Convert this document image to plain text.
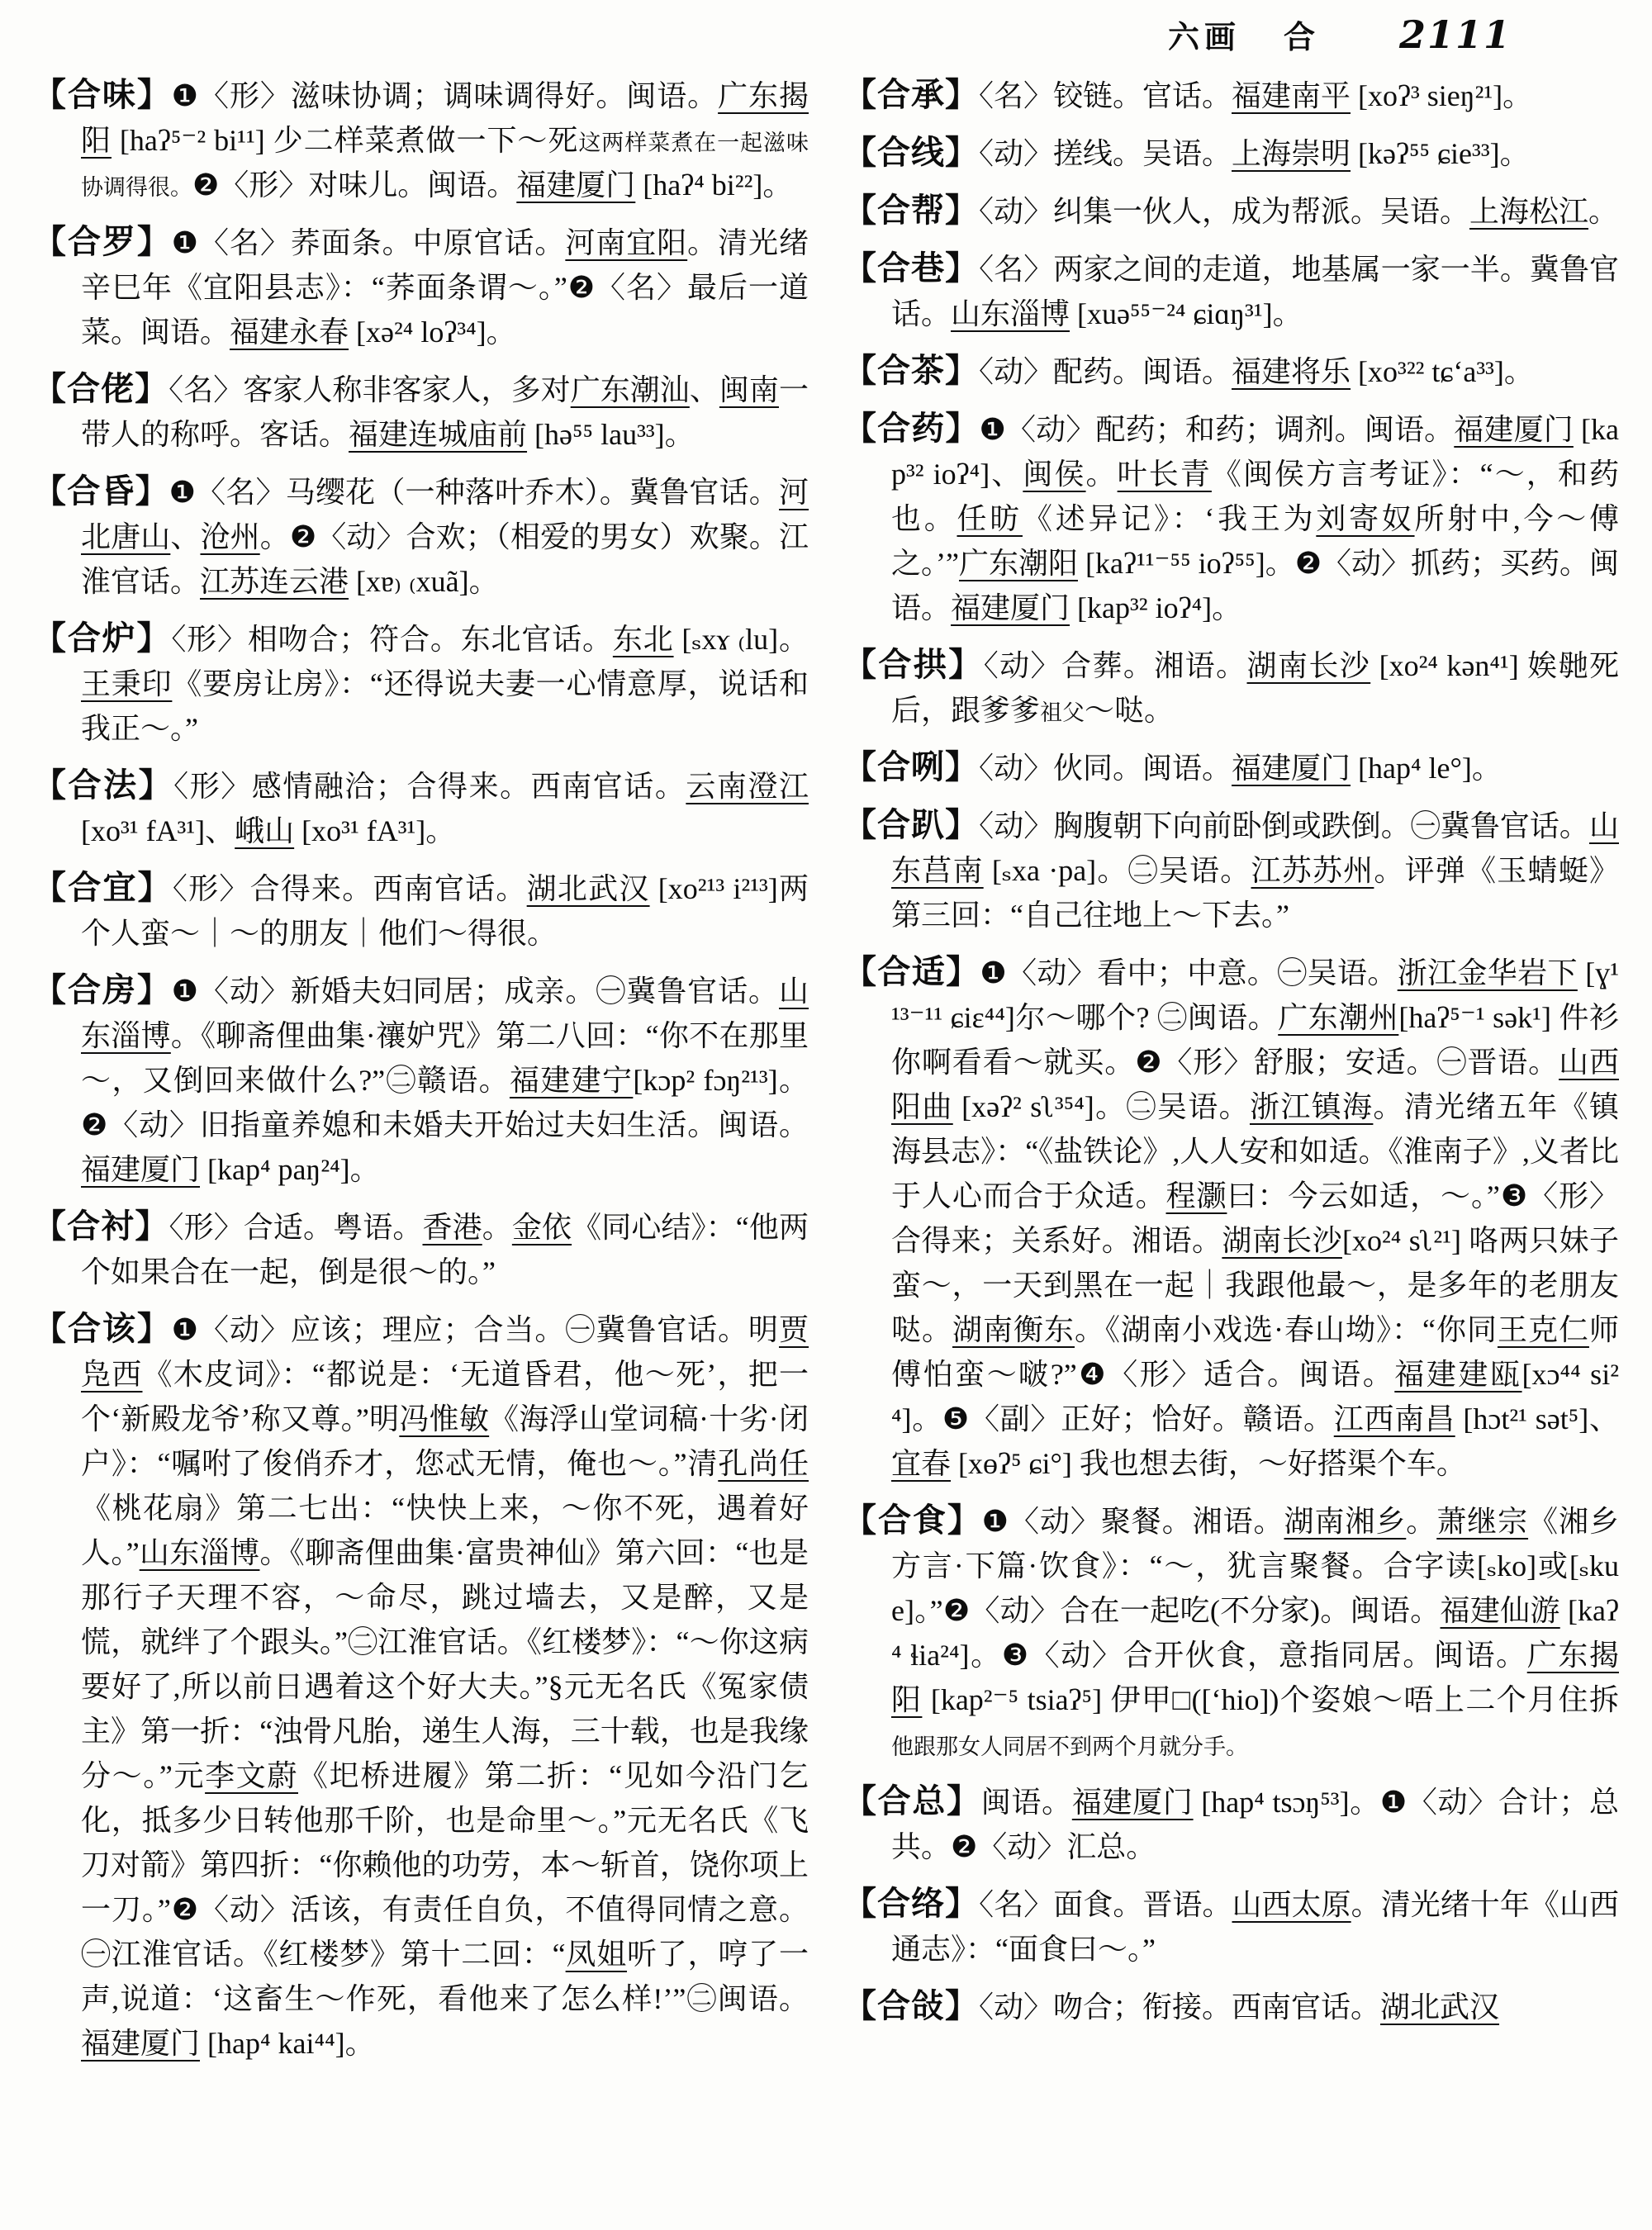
六画 合 2111
【合味】❶〈形〉滋味协调；调味调得好。闽语。广东揭阳 [haʔ⁵⁻² bi¹¹] 少二样菜煮做一下～死这两样菜煮在一起滋味协调得很。❷〈形〉对味儿。闽语。福建厦门 [haʔ⁴ bi²²]。
【合罗】❶〈名〉荞面条。中原官话。河南宜阳。清光绪辛巳年《宜阳县志》：“荞面条谓～。”❷〈名〉最后一道菜。闽语。福建永春 [xə²⁴ loʔ³⁴]。
【合佬】〈名〉客家人称非客家人，多对广东潮汕、闽南一带人的称呼。客话。福建连城庙前 [hə⁵⁵ lau³³]。
【合昏】❶〈名〉马缨花（一种落叶乔木）。冀鲁官话。河北唐山、沧州。❷〈动〉合欢；（相爱的男女）欢聚。江淮官话。江苏连云港 [xɐ₎ ₍xuã]。
【合炉】〈形〉相吻合；符合。东北官话。东北 [ₛxɤ ₍lu]。王秉印《要房让房》：“还得说夫妻一心情意厚，说话和我正～。”
【合法】〈形〉感情融洽；合得来。西南官话。云南澄江 [xo³¹ fA³¹]、峨山 [xo³¹ fA³¹]。
【合宜】〈形〉合得来。西南官话。湖北武汉 [xo²¹³ i²¹³]两个人蛮～｜～的朋友｜他们～得很。
【合房】❶〈动〉新婚夫妇同居；成亲。㊀冀鲁官话。山东淄博。《聊斋俚曲集·禳妒咒》第二八回：“你不在那里～，又倒回来做什么?”㊁赣语。福建建宁[kɔp² fɔŋ²¹³]。❷〈动〉旧指童养媳和未婚夫开始过夫妇生活。闽语。福建厦门 [kap⁴ paŋ²⁴]。
【合衬】〈形〉合适。粤语。香港。金依《同心结》：“他两个如果合在一起，倒是很～的。”
【合该】❶〈动〉应该；理应；合当。㊀冀鲁官话。明贾凫西《木皮词》：“都说是：‘无道昏君，他～死’，把一个‘新殿龙爷’称又尊。”明冯惟敏《海浮山堂词稿·十劣·闭户》：“嘱咐了俊俏乔才，您忒无情，俺也～。”清孔尚任《桃花扇》第二七出：“快快上来，～你不死，遇着好人。”山东淄博。《聊斋俚曲集·富贵神仙》第六回：“也是那行子天理不容，～命尽，跳过墙去，又是醉，又是慌，就绊了个跟头。”㊁江淮官话。《红楼梦》：“～你这病要好了,所以前日遇着这个好大夫。”§元无名氏《冤家债主》第一折：“浊骨凡胎，递生人海，三十载，也是我缘分～。”元李文蔚《圯桥进履》第二折：“见如今沿门乞化，抵多少日转他那千阶，也是命里～。”元无名氏《飞刀对箭》第四折：“你赖他的功劳，本～斩首，饶你项上一刀。”❷〈动〉活该，有责任自负，不值得同情之意。㊀江淮官话。《红楼梦》第十二回：“凤姐听了，哼了一声,说道：‘这畜生～作死，看他来了怎么样!’”㊁闽语。福建厦门 [hap⁴ kai⁴⁴]。
【合承】〈名〉铰链。官话。福建南平 [xoʔ³ sieŋ²¹]。
【合线】〈动〉搓线。吴语。上海崇明 [kəʔ⁵⁵ ɕie³³]。
【合帮】〈动〉纠集一伙人，成为帮派。吴语。上海松江。
【合巷】〈名〉两家之间的走道，地基属一家一半。冀鲁官话。山东淄博 [xuə⁵⁵⁻²⁴ ɕiɑŋ³¹]。
【合茶】〈动〉配药。闽语。福建将乐 [xo³²² tɕʻa³³]。
【合药】❶〈动〉配药；和药；调剂。闽语。福建厦门 [kap³² ioʔ⁴]、闽侯。叶长青《闽侯方言考证》：“～，和药也。任昉《述异记》：‘我王为刘寄奴所射中,今～傅之。’”广东潮阳 [kaʔ¹¹⁻⁵⁵ ioʔ⁵⁵]。❷〈动〉抓药；买药。闽语。福建厦门 [kap³² ioʔ⁴]。
【合拱】〈动〉合葬。湘语。湖南长沙 [xo²⁴ kən⁴¹] 娭毑死后，跟爹爹祖父～哒。
【合咧】〈动〉伙同。闽语。福建厦门 [hap⁴ le°]。
【合趴】〈动〉胸腹朝下向前卧倒或跌倒。㊀冀鲁官话。山东莒南 [ₛxa ·pa]。㊁吴语。江苏苏州。评弹《玉蜻蜓》第三回：“自己往地上～下去。”
【合适】❶〈动〉看中；中意。㊀吴语。浙江金华岩下 [ɣ¹¹³⁻¹¹ ɕiɛ⁴⁴]尔～哪个? ㊁闽语。广东潮州[haʔ⁵⁻¹ sək¹] 件衫你啊看看～就买。❷〈形〉舒服；安适。㊀晋语。山西阳曲 [xəʔ² sʅ³⁵⁴]。㊁吴语。浙江镇海。清光绪五年《镇海县志》：“《盐铁论》,人人安和如适。《淮南子》,义者比于人心而合于众适。程灏曰：今云如适，～。”❸〈形〉合得来；关系好。湘语。湖南长沙[xo²⁴ sʅ²¹] 咯两只妹子蛮～，一天到黑在一起｜我跟他最～，是多年的老朋友哒。湖南衡东。《湖南小戏选·春山坳》：“你同王克仁师傅怕蛮～啵?”❹〈形〉适合。闽语。福建建瓯[xɔ⁴⁴ si²⁴]。❺〈副〉正好；恰好。赣语。江西南昌 [hɔt²¹ sət⁵]、宜春 [xɵʔ⁵ ɕi°] 我也想去街，～好搭渠个车。
【合食】❶〈动〉聚餐。湘语。湖南湘乡。萧继宗《湘乡方言·下篇·饮食》：“～，犹言聚餐。合字读[ₛko]或[ₛkue]。”❷〈动〉合在一起吃(不分家)。闽语。福建仙游 [kaʔ⁴ ɬia²⁴]。❸〈动〉合开伙食，意指同居。闽语。广东揭阳 [kap²⁻⁵ tsiaʔ⁵] 伊甲□([ʻhio])个姿娘～唔上二个月住拆他跟那女人同居不到两个月就分手。
【合总】闽语。福建厦门 [hap⁴ tsɔŋ⁵³]。❶〈动〉合计；总共。❷〈动〉汇总。
【合络】〈名〉面食。晋语。山西太原。清光绪十年《山西通志》：“面食曰～。”
【合敆】〈动〉吻合；衔接。西南官话。湖北武汉
